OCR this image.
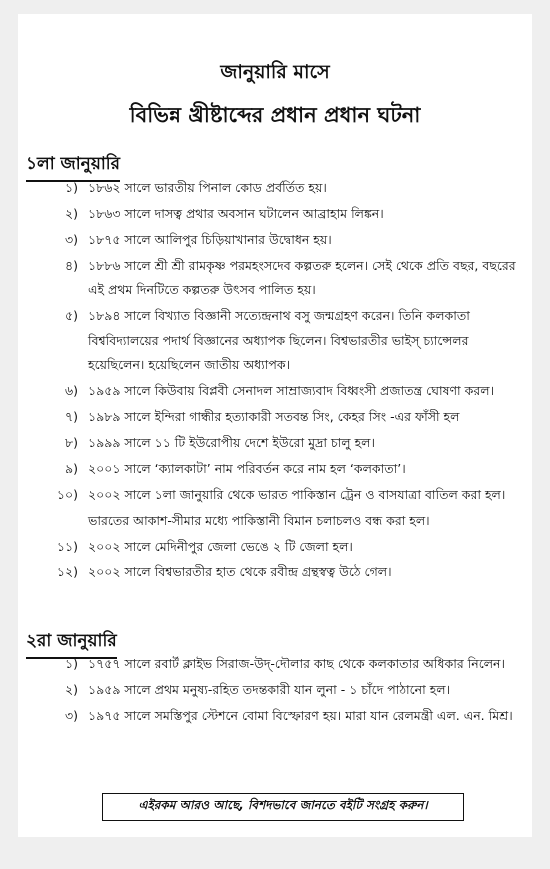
জানুয়ারি মাসে
বিভিন্ন খ্রীষ্টাব্দের প্রধান প্রধান ঘটনা
১লা জানুয়ারি
১) ১৮৬২ সালে ভারতীয় পিনাল কোড প্রর্বর্তিত হয়।
২) ১৮৬৩ সালে দাসত্ব প্রথার অবসান ঘটালেন আব্রাহাম লিঙ্কন।
৩) ১৮৭৫ সালে আলিপুর চিড়িয়াখানার উদ্বোধন হয়।
৪) ১৮৮৬ সালে শ্রী শ্রী রামকৃষ্ণ পরমহংসদেব কল্পতরু হলেন। সেই থেকে প্রতি বছর, বছরের এই প্রথম দিনটিতে কল্পতরু উৎসব পালিত হয়।
৫) ১৮৯৪ সালে বিখ্যাত বিজ্ঞানী সত্যেন্দ্রনাথ বসু জন্মগ্রহণ করেন। তিনি কলকাতা বিশ্ববিদ্যালয়ের পদার্থ বিজ্ঞানের অধ্যাপক ছিলেন। বিশ্বভারতীর ভাইস্ চ্যান্সেলর হয়েছিলেন। হয়েছিলেন জাতীয় অধ্যাপক।
৬) ১৯৫৯ সালে কিউবায় বিপ্লবী সেনাদল সাম্রাজ্যবাদ বিধ্বংসী প্রজাতন্ত্র ঘোষণা করল।
৭) ১৯৮৯ সালে ইন্দিরা গান্ধীর হত্যাকারী সতবন্ত সিং, কেহর সিং -এর ফাঁসী হল
৮) ১৯৯৯ সালে ১১ টি ইউরোপীয় দেশে ইউরো মুদ্রা চালু হল।
৯) ২০০১ সালে ‘ক্যালকাটা’ নাম পরিবর্তন করে নাম হল ‘কলকাতা’।
১০) ২০০২ সালে ১লা জানুয়ারি থেকে ভারত পাকিস্তান ট্রেন ও বাসযাত্রা বাতিল করা হল।
ভারতের আকাশ-সীমার মধ্যে পাকিস্তানী বিমান চলাচলও বন্ধ করা হল।
১১) ২০০২ সালে মেদিনীপুর জেলা ভেঙে ২ টি জেলা হল।
১২) ২০০২ সালে বিশ্বভারতীর হাত থেকে রবীন্দ্র গ্রন্থস্বত্ব উঠে গেল।
২রা জানুয়ারি
১) ১৭৫৭ সালে রবার্ট ক্লাইভ সিরাজ-উদ্-দৌলার কাছ থেকে কলকাতার অধিকার নিলেন।
২) ১৯৫৯ সালে প্রথম মনুষ্য-রহিত তদন্তকারী যান লুনা - ১ চাঁদে পাঠানো হল।
৩) ১৯৭৫ সালে সমস্তিপুর স্টেশনে বোমা বিস্ফোরণ হয়। মারা যান রেলমন্ত্রী এল. এন. মিশ্র।
এইরকম আরও আছে, বিশদভাবে জানতে বইটি সংগ্রহ করুন।
